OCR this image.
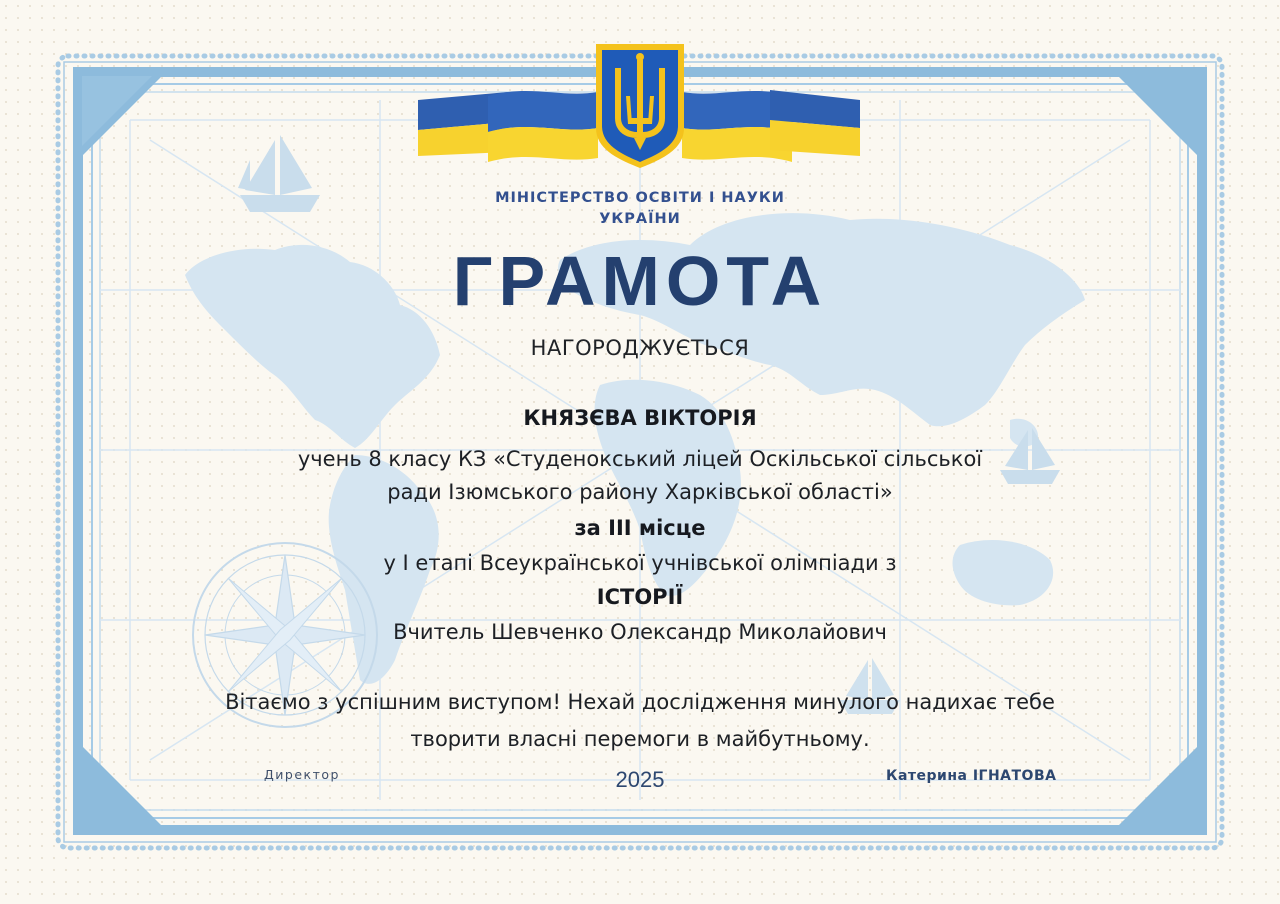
МІНІСТЕРСТВО ОСВІТИ І НАУКИ
УКРАЇНИ
ГРАМОТА
НАГОРОДЖУЄТЬСЯ
КНЯЗЄВА ВІКТОРІЯ
учень 8 класу КЗ «Студенокський ліцей Оскільської сільської
ради Ізюмського району Харківської області»
за ІІІ місце
у І етапі Всеукраїнської учнівської олімпіади з
ІСТОРІЇ
Вчитель Шевченко Олександр Миколайович
Вітаємо з успішним виступом! Нехай дослідження минулого надихає тебе
творити власні перемоги в майбутньому.
Директор	2025	Катерина ІГНАТОВА
